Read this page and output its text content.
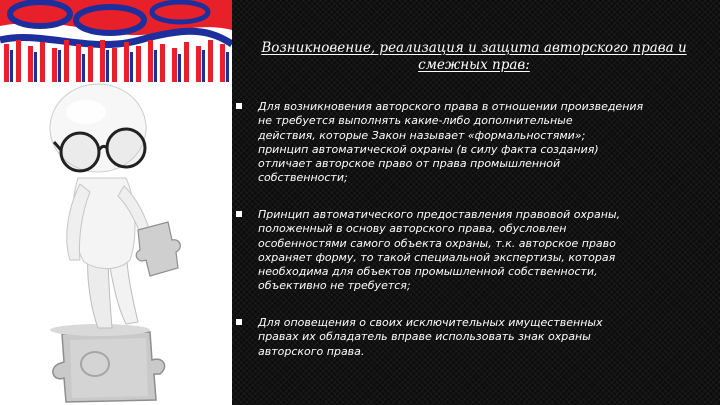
Возникновение, реализация и защита авторского права и смежных прав:
Для возникновения авторского права в отношении произведения
не требуется выполнять какие-либо дополнительные
действия, которые Закон называет «формальностями»;
принцип автоматической охраны (в силу факта создания)
отличает авторское право от права промышленной
собственности;
Принцип автоматического предоставления правовой охраны,
положенный в основу авторского права, обусловлен
особенностями самого объекта охраны, т.к. авторское право
охраняет форму, то такой специальной экспертизы, которая
необходима для объектов промышленной собственности,
объективно не требуется;
Для оповещения о своих исключительных имущественных
правах их обладатель вправе использовать знак охраны
авторского права.
